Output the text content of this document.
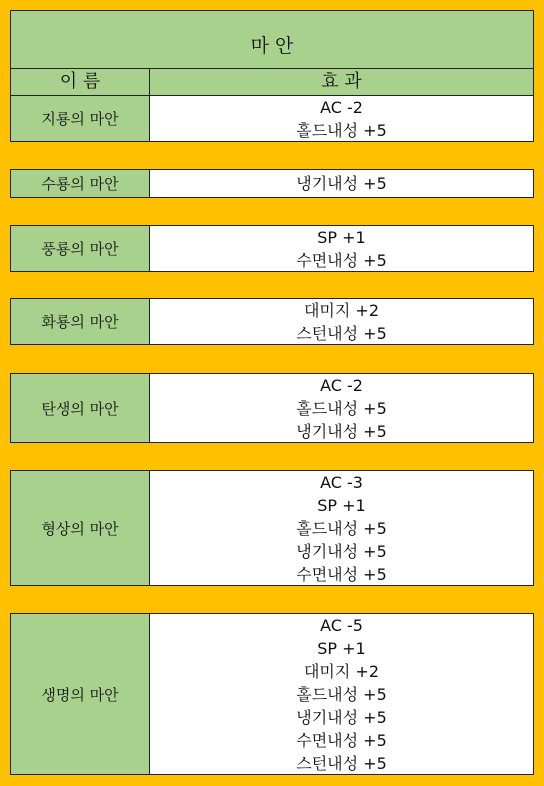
마 안
이 름	효 과
지룡의 마안
AC -2
홀드내성 +5
수룡의 마안	냉기내성 +5
풍룡의 마안
SP +1
수면내성 +5
화룡의 마안
대미지 +2
스턴내성 +5
탄생의 마안
AC -2
홀드내성 +5
냉기내성 +5
형상의 마안
AC -3
SP +1
홀드내성 +5
냉기내성 +5
수면내성 +5
생명의 마안
AC -5
SP +1
대미지 +2
홀드내성 +5
냉기내성 +5
수면내성 +5
스턴내성 +5
